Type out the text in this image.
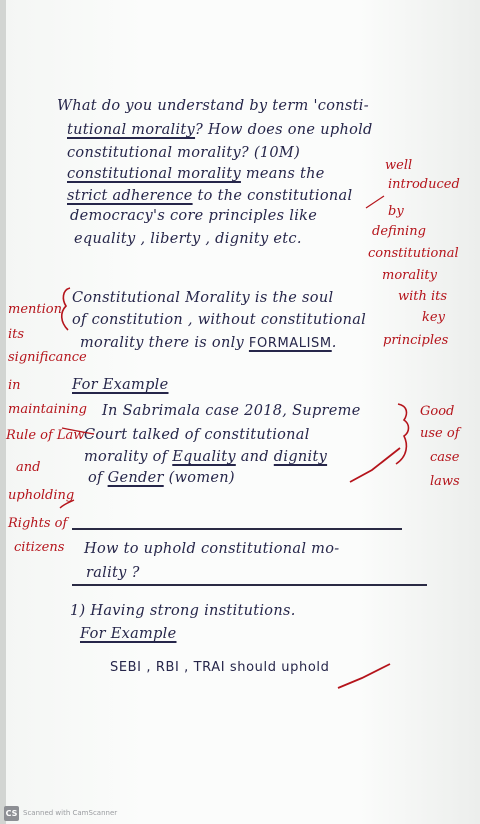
What do you understand by term 'consti-
tutional morality? How does one uphold
constitutional morality? (10M)
constitutional morality means the
strict adherence to the constitutional
democracy's core principles like
equality , liberty , dignity etc.
Constitutional Morality is the soul
of constitution , without constitutional
morality there is only FORMALISM.
For Example
In Sabrimala case 2018, Supreme
Court talked of constitutional
morality of Equality and dignity
of Gender (women)
How to uphold constitutional mo-
rality ?
1) Having strong institutions.
For Example
SEBI , RBI , TRAI should uphold
well
introduced
by
defining
constitutional
morality
with its
key
principles
mention
its
significance
in
maintaining
Rule of Law
and
upholding
Rights of
citizens
Good
use of
case
laws
CS Scanned with CamScanner
